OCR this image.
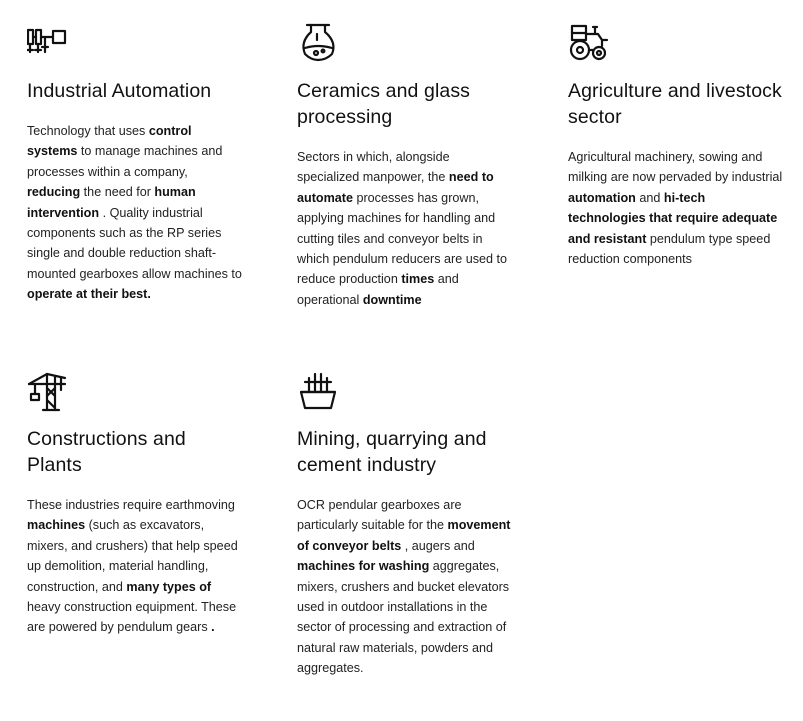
Industrial Automation

Technology that uses control systems to manage machines and processes within a company, reducing the need for human intervention . Quality industrial components such as the RP series single and double reduction shaft-mounted gearboxes allow machines to operate at their best.

Ceramics and glass processing

Sectors in which, alongside specialized manpower, the need to automate processes has grown, applying machines for handling and cutting tiles and conveyor belts in which pendulum reducers are used to reduce production times and operational downtime

Agriculture and livestock sector

Agricultural machinery, sowing and milking are now pervaded by industrial automation and hi-tech technologies that require adequate and resistant pendulum type speed reduction components

Constructions and Plants

These industries require earthmoving machines (such as excavators, mixers, and crushers) that help speed up demolition, material handling, construction, and many types of heavy construction equipment. These are powered by pendulum gears .

Mining, quarrying and cement industry

OCR pendular gearboxes are particularly suitable for the movement of conveyor belts , augers and machines for washing aggregates, mixers, crushers and bucket elevators used in outdoor installations in the sector of processing and extraction of natural raw materials, powders and aggregates.
